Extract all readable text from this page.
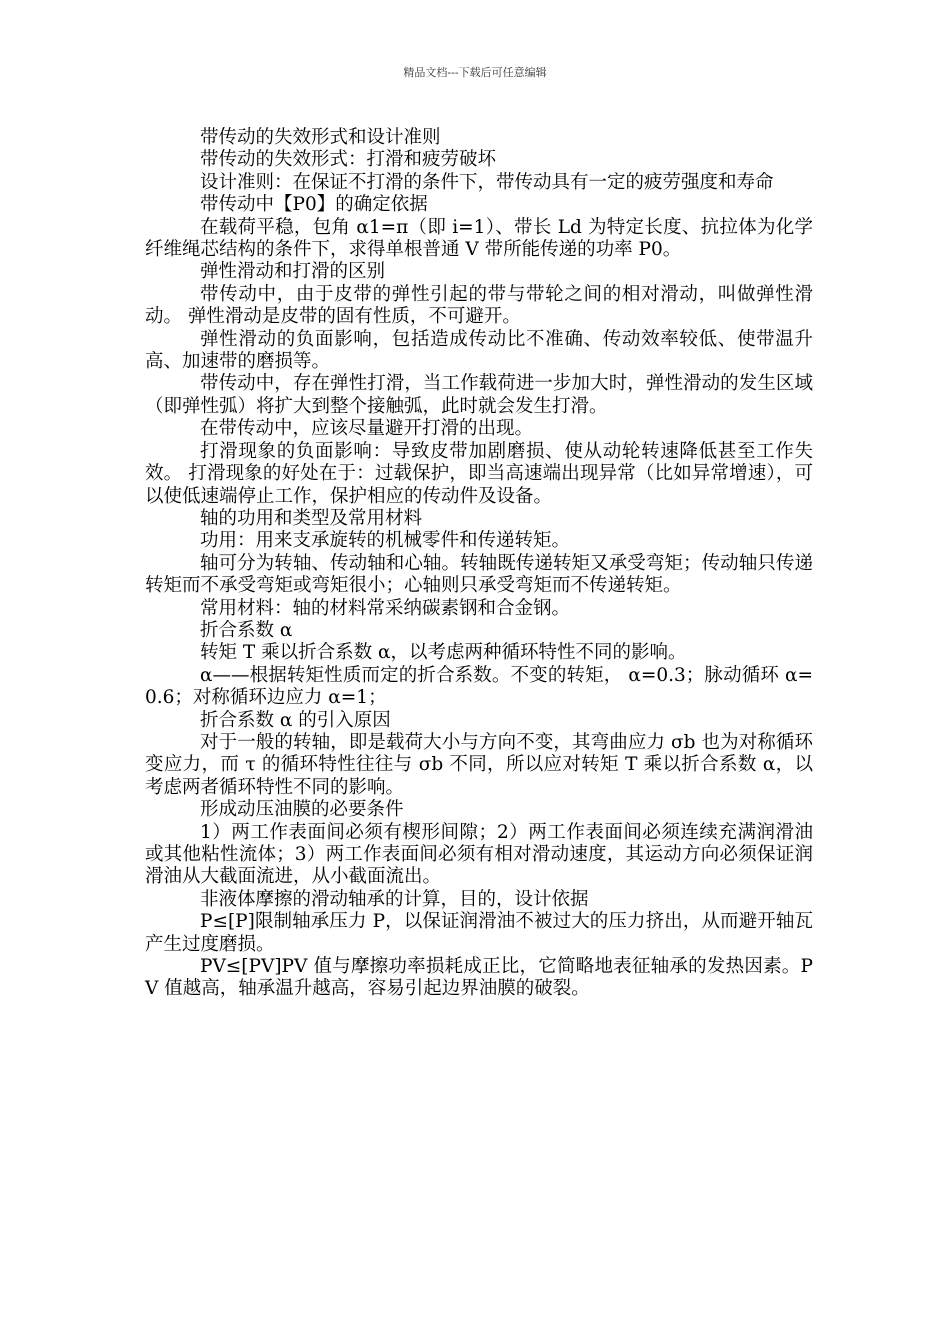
精品文档---下载后可任意编辑

带传动的失效形式和设计准则

带传动的失效形式：打滑和疲劳破坏

设计准则：在保证不打滑的条件下，带传动具有一定的疲劳强度和寿命

带传动中【P0】的确定依据

在载荷平稳，包角 α1=π（即 i=1）、带长 Ld 为特定长度、抗拉体为化学纤维绳芯结构的条件下，求得单根普通 V 带所能传递的功率 P0。

弹性滑动和打滑的区别

带传动中，由于皮带的弹性引起的带与带轮之间的相对滑动，叫做弹性滑动。 弹性滑动是皮带的固有性质，不可避开。

弹性滑动的负面影响，包括造成传动比不准确、传动效率较低、使带温升高、加速带的磨损等。

带传动中，存在弹性打滑，当工作载荷进一步加大时，弹性滑动的发生区域（即弹性弧）将扩大到整个接触弧，此时就会发生打滑。

在带传动中，应该尽量避开打滑的出现。

打滑现象的负面影响：导致皮带加剧磨损、使从动轮转速降低甚至工作失效。 打滑现象的好处在于：过载保护，即当高速端出现异常（比如异常增速），可以使低速端停止工作，保护相应的传动件及设备。

轴的功用和类型及常用材料

功用：用来支承旋转的机械零件和传递转矩。

轴可分为转轴、传动轴和心轴。转轴既传递转矩又承受弯矩；传动轴只传递转矩而不承受弯矩或弯矩很小；心轴则只承受弯矩而不传递转矩。

常用材料：轴的材料常采纳碳素钢和合金钢。

折合系数 α

转矩 T 乘以折合系数 α，以考虑两种循环特性不同的影响。

α——根据转矩性质而定的折合系数。不变的转矩， α=0.3；脉动循环 α=0.6；对称循环边应力 α=1；

折合系数 α 的引入原因

对于一般的转轴，即是载荷大小与方向不变，其弯曲应力 σb 也为对称循环变应力，而 τ 的循环特性往往与 σb 不同，所以应对转矩 T 乘以折合系数 α，以考虑两者循环特性不同的影响。

形成动压油膜的必要条件

1）两工作表面间必须有楔形间隙；2）两工作表面间必须连续充满润滑油或其他粘性流体；3）两工作表面间必须有相对滑动速度，其运动方向必须保证润滑油从大截面流进，从小截面流出。

非液体摩擦的滑动轴承的计算，目的，设计依据

P≤[P]限制轴承压力 P，以保证润滑油不被过大的压力挤出，从而避开轴瓦产生过度磨损。

PV≤[PV]PV 值与摩擦功率损耗成正比，它简略地表征轴承的发热因素。PV 值越高，轴承温升越高，容易引起边界油膜的破裂。
